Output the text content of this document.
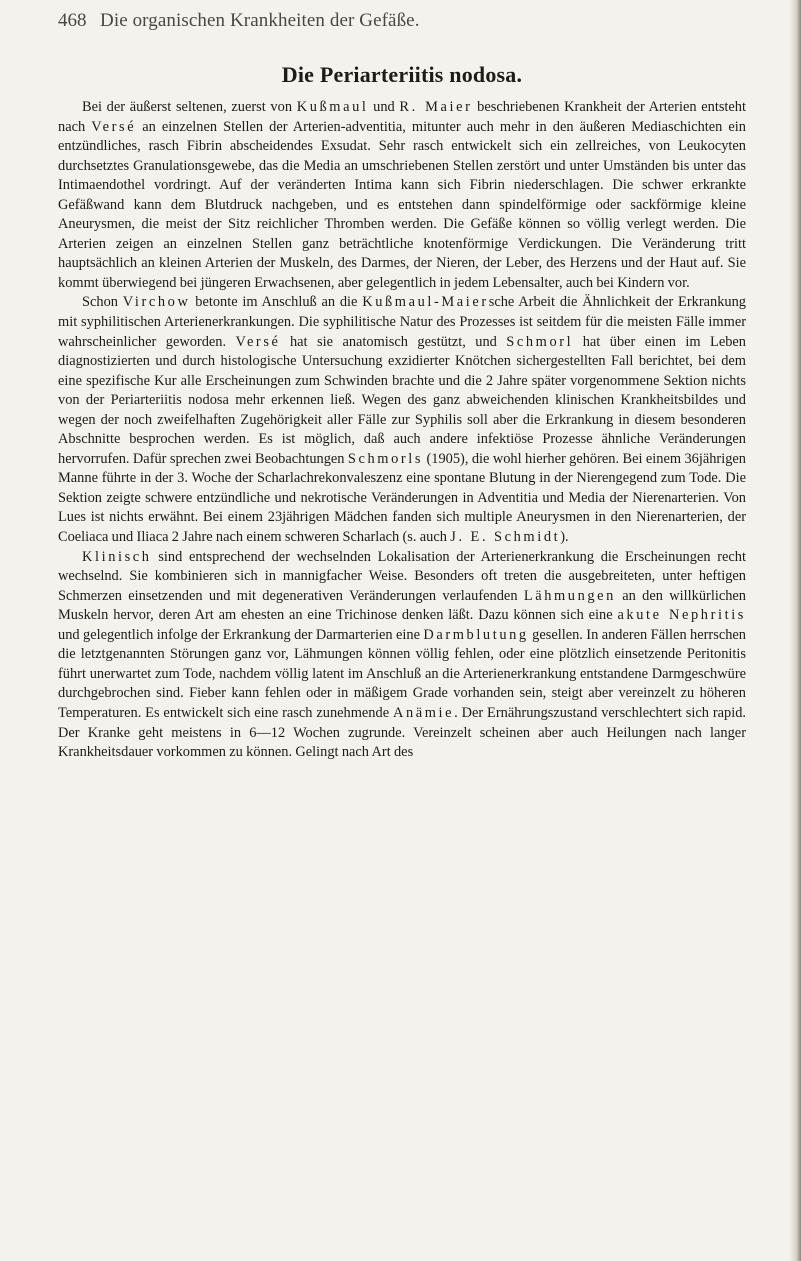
468 Die organischen Krankheiten der Gefäße.
Die Periarteriitis nodosa.

Bei der äußerst seltenen, zuerst von Kußmaul und R. Maier beschriebenen Krankheit der Arterien entsteht nach Versé an einzelnen Stellen der Arterien-adventitia, mitunter auch mehr in den äußeren Mediaschichten ein entzündliches, rasch Fibrin abscheidendes Exsudat. Sehr rasch entwickelt sich ein zellreiches, von Leukocyten durchsetztes Granulationsgewebe, das die Media an umschriebenen Stellen zerstört und unter Umständen bis unter das Intimaendothel vordringt. Auf der veränderten Intima kann sich Fibrin niederschlagen. Die schwer erkrankte Gefäßwand kann dem Blutdruck nachgeben, und es entstehen dann spindelförmige oder sackförmige kleine Aneurysmen, die meist der Sitz reichlicher Thromben werden. Die Gefäße können so völlig verlegt werden. Die Arterien zeigen an einzelnen Stellen ganz beträchtliche knotenförmige Verdickungen. Die Veränderung tritt hauptsächlich an kleinen Arterien der Muskeln, des Darmes, der Nieren, der Leber, des Herzens und der Haut auf. Sie kommt überwiegend bei jüngeren Erwachsenen, aber gelegentlich in jedem Lebensalter, auch bei Kindern vor.

Schon Virchow betonte im Anschluß an die Kußmaul-Maiersche Arbeit die Ähnlichkeit der Erkrankung mit syphilitischen Arterienerkrankungen. Die syphilitische Natur des Prozesses ist seitdem für die meisten Fälle immer wahrscheinlicher geworden. Versé hat sie anatomisch gestützt, und Schmorl hat über einen im Leben diagnostizierten und durch histologische Untersuchung exzidierter Knötchen sichergestellten Fall berichtet, bei dem eine spezifische Kur alle Erscheinungen zum Schwinden brachte und die 2 Jahre später vorgenommene Sektion nichts von der Periarteriitis nodosa mehr erkennen ließ. Wegen des ganz abweichenden klinischen Krankheitsbildes und wegen der noch zweifelhaften Zugehörigkeit aller Fälle zur Syphilis soll aber die Erkrankung in diesem besonderen Abschnitte besprochen werden. Es ist möglich, daß auch andere infektiöse Prozesse ähnliche Veränderungen hervorrufen. Dafür sprechen zwei Beobachtungen Schmorls (1905), die wohl hierher gehören. Bei einem 36jährigen Manne führte in der 3. Woche der Scharlachrekonvaleszenz eine spontane Blutung in der Nierengegend zum Tode. Die Sektion zeigte schwere entzündliche und nekrotische Veränderungen in Adventitia und Media der Nierenarterien. Von Lues ist nichts erwähnt. Bei einem 23jährigen Mädchen fanden sich multiple Aneurysmen in den Nierenarterien, der Coeliaca und Iliaca 2 Jahre nach einem schweren Scharlach (s. auch J. E. Schmidt).

Klinisch sind entsprechend der wechselnden Lokalisation der Arterienerkrankung die Erscheinungen recht wechselnd. Sie kombinieren sich in mannigfacher Weise. Besonders oft treten die ausgebreiteten, unter heftigen Schmerzen einsetzenden und mit degenerativen Veränderungen verlaufenden Lähmungen an den willkürlichen Muskeln hervor, deren Art am ehesten an eine Trichinose denken läßt. Dazu können sich eine akute Nephritis und gelegentlich infolge der Erkrankung der Darmarterien eine Darmblutung gesellen. In anderen Fällen herrschen die letztgenannten Störungen ganz vor, Lähmungen können völlig fehlen, oder eine plötzlich einsetzende Peritonitis führt unerwartet zum Tode, nachdem völlig latent im Anschluß an die Arterienerkrankung entstandene Darmgeschwüre durchgebrochen sind. Fieber kann fehlen oder in mäßigem Grade vorhanden sein, steigt aber vereinzelt zu höheren Temperaturen. Es entwickelt sich eine rasch zunehmende Anämie. Der Ernährungszustand verschlechtert sich rapid. Der Kranke geht meistens in 6—12 Wochen zugrunde. Vereinzelt scheinen aber auch Heilungen nach langer Krankheitsdauer vorkommen zu können. Gelingt nach Art des
